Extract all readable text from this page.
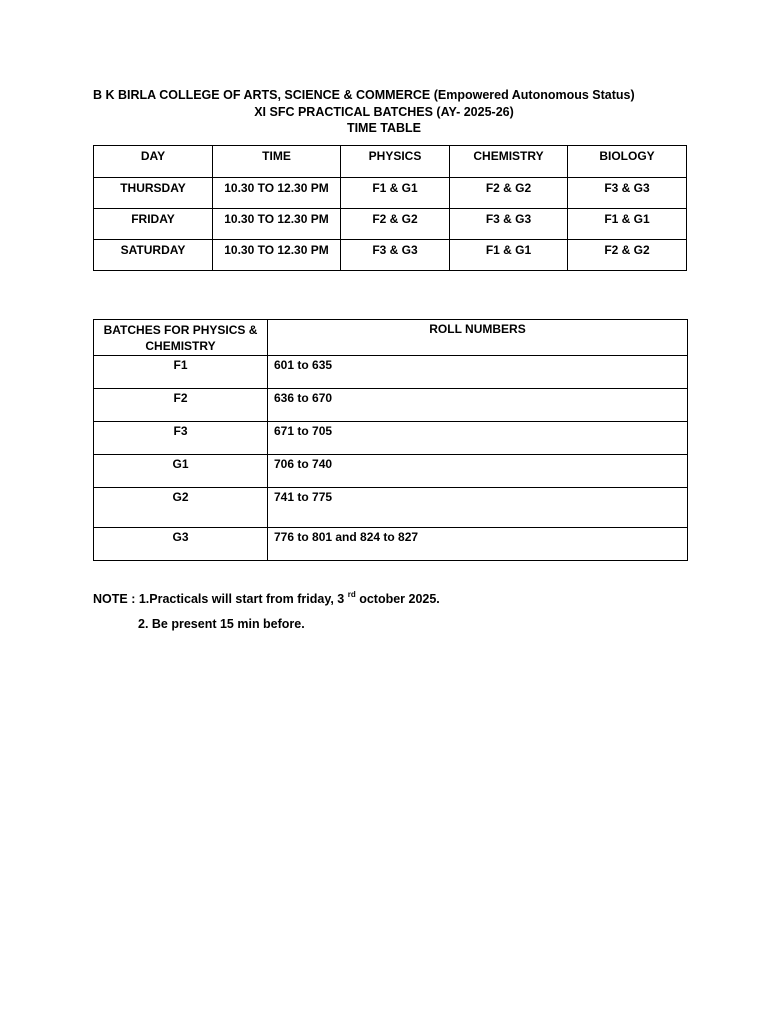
B K BIRLA COLLEGE OF ARTS, SCIENCE & COMMERCE (Empowered Autonomous Status)
XI SFC PRACTICAL BATCHES (AY- 2025-26)
TIME TABLE
DAY	TIME	PHYSICS	CHEMISTRY	BIOLOGY
THURSDAY	10.30 TO 12.30 PM	F1 & G1	F2 & G2	F3 & G3
FRIDAY	10.30 TO 12.30 PM	F2 & G2	F3 & G3	F1 & G1
SATURDAY	10.30 TO 12.30 PM	F3 & G3	F1 & G1	F2 & G2
BATCHES FOR PHYSICS &
CHEMISTRY	ROLL NUMBERS
F1	601 to 635
F2	636 to 670
F3	671 to 705
G1	706 to 740
G2	741 to 775
G3	776 to 801 and 824 to 827
NOTE : 1.Practicals will start from friday, 3 $^{rd}$ october 2025.
2. Be present 15 min before.
